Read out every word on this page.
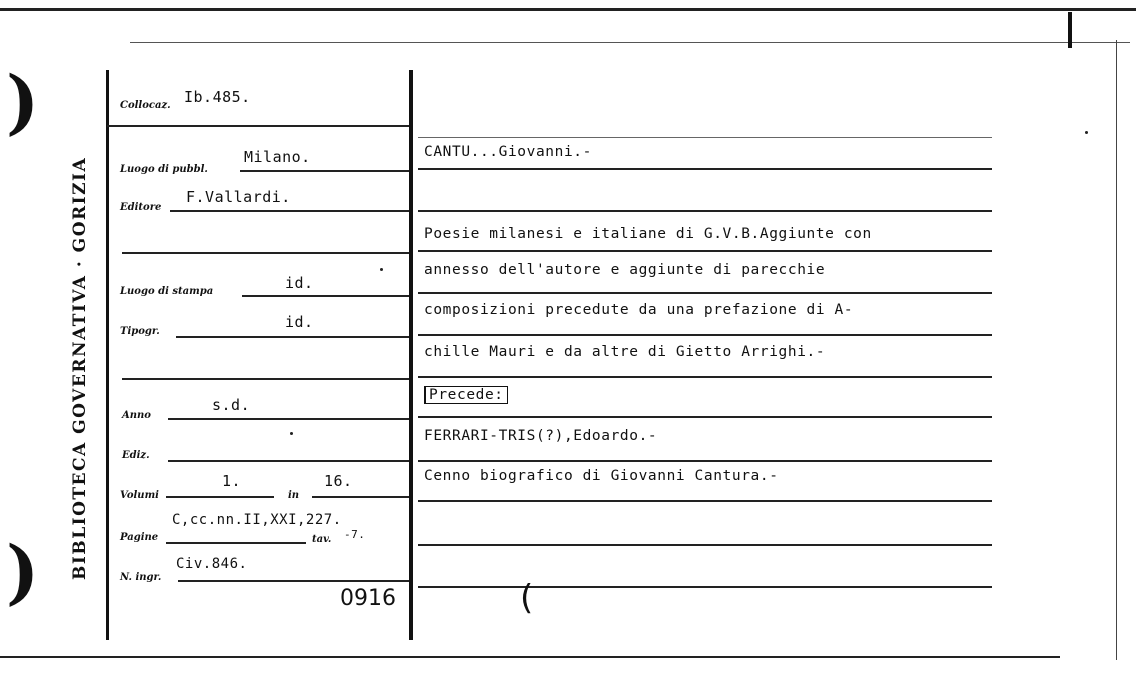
)
) BIBLIOTECA GOVERNATIVA · GORIZIA
Collocaz. Ib.485.
Luogo di pubbl.
Milano.
Editore
F.Vallardi.
Luogo di stampa	id.
Tipogr.
id.
Anno
s.d.
Ediz.
Volumi
1.
in
16.
Pagine
C,cc.nn.II,XXI,227.
tav. -7.
N. ingr.
Civ.846.
0916
CANTU...Giovanni.-
Poesie milanesi e italiane di G.V.B.Aggiunte con
annesso dell'autore e aggiunte di parecchie
composizioni precedute da una prefazione di A-
chille Mauri e da altre di Gietto Arrighi.-
Precede:
FERRARI-TRIS(?),Edoardo.-
Cenno biografico di Giovanni Cantura.-
(
